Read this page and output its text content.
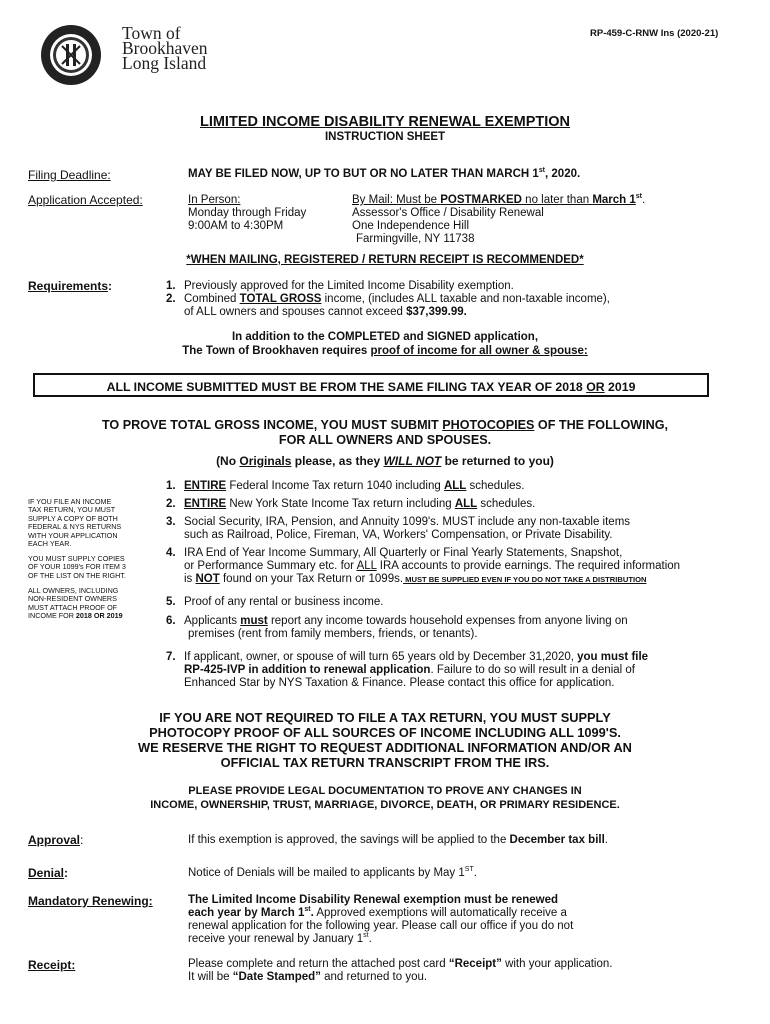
RP-459-C-RNW Ins (2020-21)
Town of
Brookhaven
Long Island
LIMITED INCOME DISABILITY RENEWAL EXEMPTION
INSTRUCTION SHEET
Filing Deadline:	MAY BE FILED NOW, UP TO BUT OR NO LATER THAN MARCH 1st, 2020.
Application Accepted:	In Person:
Monday through Friday
9:00AM to 4:30PM
By Mail: Must be POSTMARKED no later than March 1st.
Assessor's Office / Disability Renewal
One Independence Hill
Farmingville, NY 11738
*WHEN MAILING, REGISTERED / RETURN RECEIPT IS RECOMMENDED*
Requirements:	1. Previously approved for the Limited Income Disability exemption.
2. Combined TOTAL GROSS income, (includes ALL taxable and non-taxable income),
of ALL owners and spouses cannot exceed $37,399.99.
In addition to the COMPLETED and SIGNED application,
The Town of Brookhaven requires proof of income for all owner & spouse:
ALL INCOME SUBMITTED MUST BE FROM THE SAME FILING TAX YEAR OF 2018 OR 2019
TO PROVE TOTAL GROSS INCOME, YOU MUST SUBMIT PHOTOCOPIES OF THE FOLLOWING,
FOR ALL OWNERS AND SPOUSES.
(No Originals please, as they WILL NOT be returned to you)
IF YOU FILE AN INCOME
TAX RETURN, YOU MUST
SUPPLY A COPY OF BOTH
FEDERAL & NYS RETURNS
WITH YOUR APPLICATION
EACH YEAR.
YOU MUST SUPPLY COPIES
OF YOUR 1099's FOR ITEM 3
OF THE LIST ON THE RIGHT.
ALL OWNERS, INCLUDING
NON-RESIDENT OWNERS
MUST ATTACH PROOF OF
INCOME FOR 2018 OR 2019
1. ENTIRE Federal Income Tax return 1040 including ALL schedules.
2. ENTIRE New York State Income Tax return including ALL schedules.
3. Social Security, IRA, Pension, and Annuity 1099's. MUST include any non-taxable items
such as Railroad, Police, Fireman, VA, Workers' Compensation, or Private Disability.
4. IRA End of Year Income Summary, All Quarterly or Final Yearly Statements, Snapshot,
or Performance Summary etc. for ALL IRA accounts to provide earnings. The required information
is NOT found on your Tax Return or 1099s. MUST BE SUPPLIED EVEN IF YOU DO NOT TAKE A DISTRIBUTION
5. Proof of any rental or business income.
6. Applicants must report any income towards household expenses from anyone living on
premises (rent from family members, friends, or tenants).
7. If applicant, owner, or spouse of will turn 65 years old by December 31,2020, you must file
RP-425-IVP in addition to renewal application. Failure to do so will result in a denial of
Enhanced Star by NYS Taxation & Finance. Please contact this office for application.
IF YOU ARE NOT REQUIRED TO FILE A TAX RETURN, YOU MUST SUPPLY
PHOTOCOPY PROOF OF ALL SOURCES OF INCOME INCLUDING ALL 1099'S.
WE RESERVE THE RIGHT TO REQUEST ADDITIONAL INFORMATION AND/OR AN
OFFICIAL TAX RETURN TRANSCRIPT FROM THE IRS.
PLEASE PROVIDE LEGAL DOCUMENTATION TO PROVE ANY CHANGES IN
INCOME, OWNERSHIP, TRUST, MARRIAGE, DIVORCE, DEATH, OR PRIMARY RESIDENCE.
Approval:	If this exemption is approved, the savings will be applied to the December tax bill.
Denial:	Notice of Denials will be mailed to applicants by May 1ST.
Mandatory Renewing:	The Limited Income Disability Renewal exemption must be renewed
each year by March 1st. Approved exemptions will automatically receive a
renewal application for the following year. Please call our office if you do not
receive your renewal by January 1st.
Receipt:	Please complete and return the attached post card “Receipt” with your application.
It will be “Date Stamped” and returned to you.
